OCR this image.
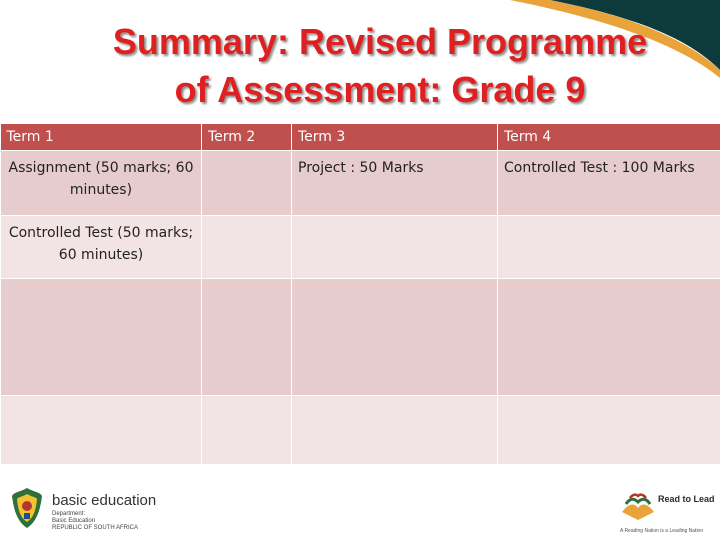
Summary: Revised Programme
of Assessment: Grade 9
Term 1	Term 2	Term 3	Term 4
Assignment (50 marks; 60 minutes)		Project : 50 Marks	Controlled Test : 100 Marks
Controlled Test (50 marks; 60 minutes)			

basic education
Department:
Basic Education
REPUBLIC OF SOUTH AFRICA
Read to Lead
A Reading Nation is a Leading Nation
